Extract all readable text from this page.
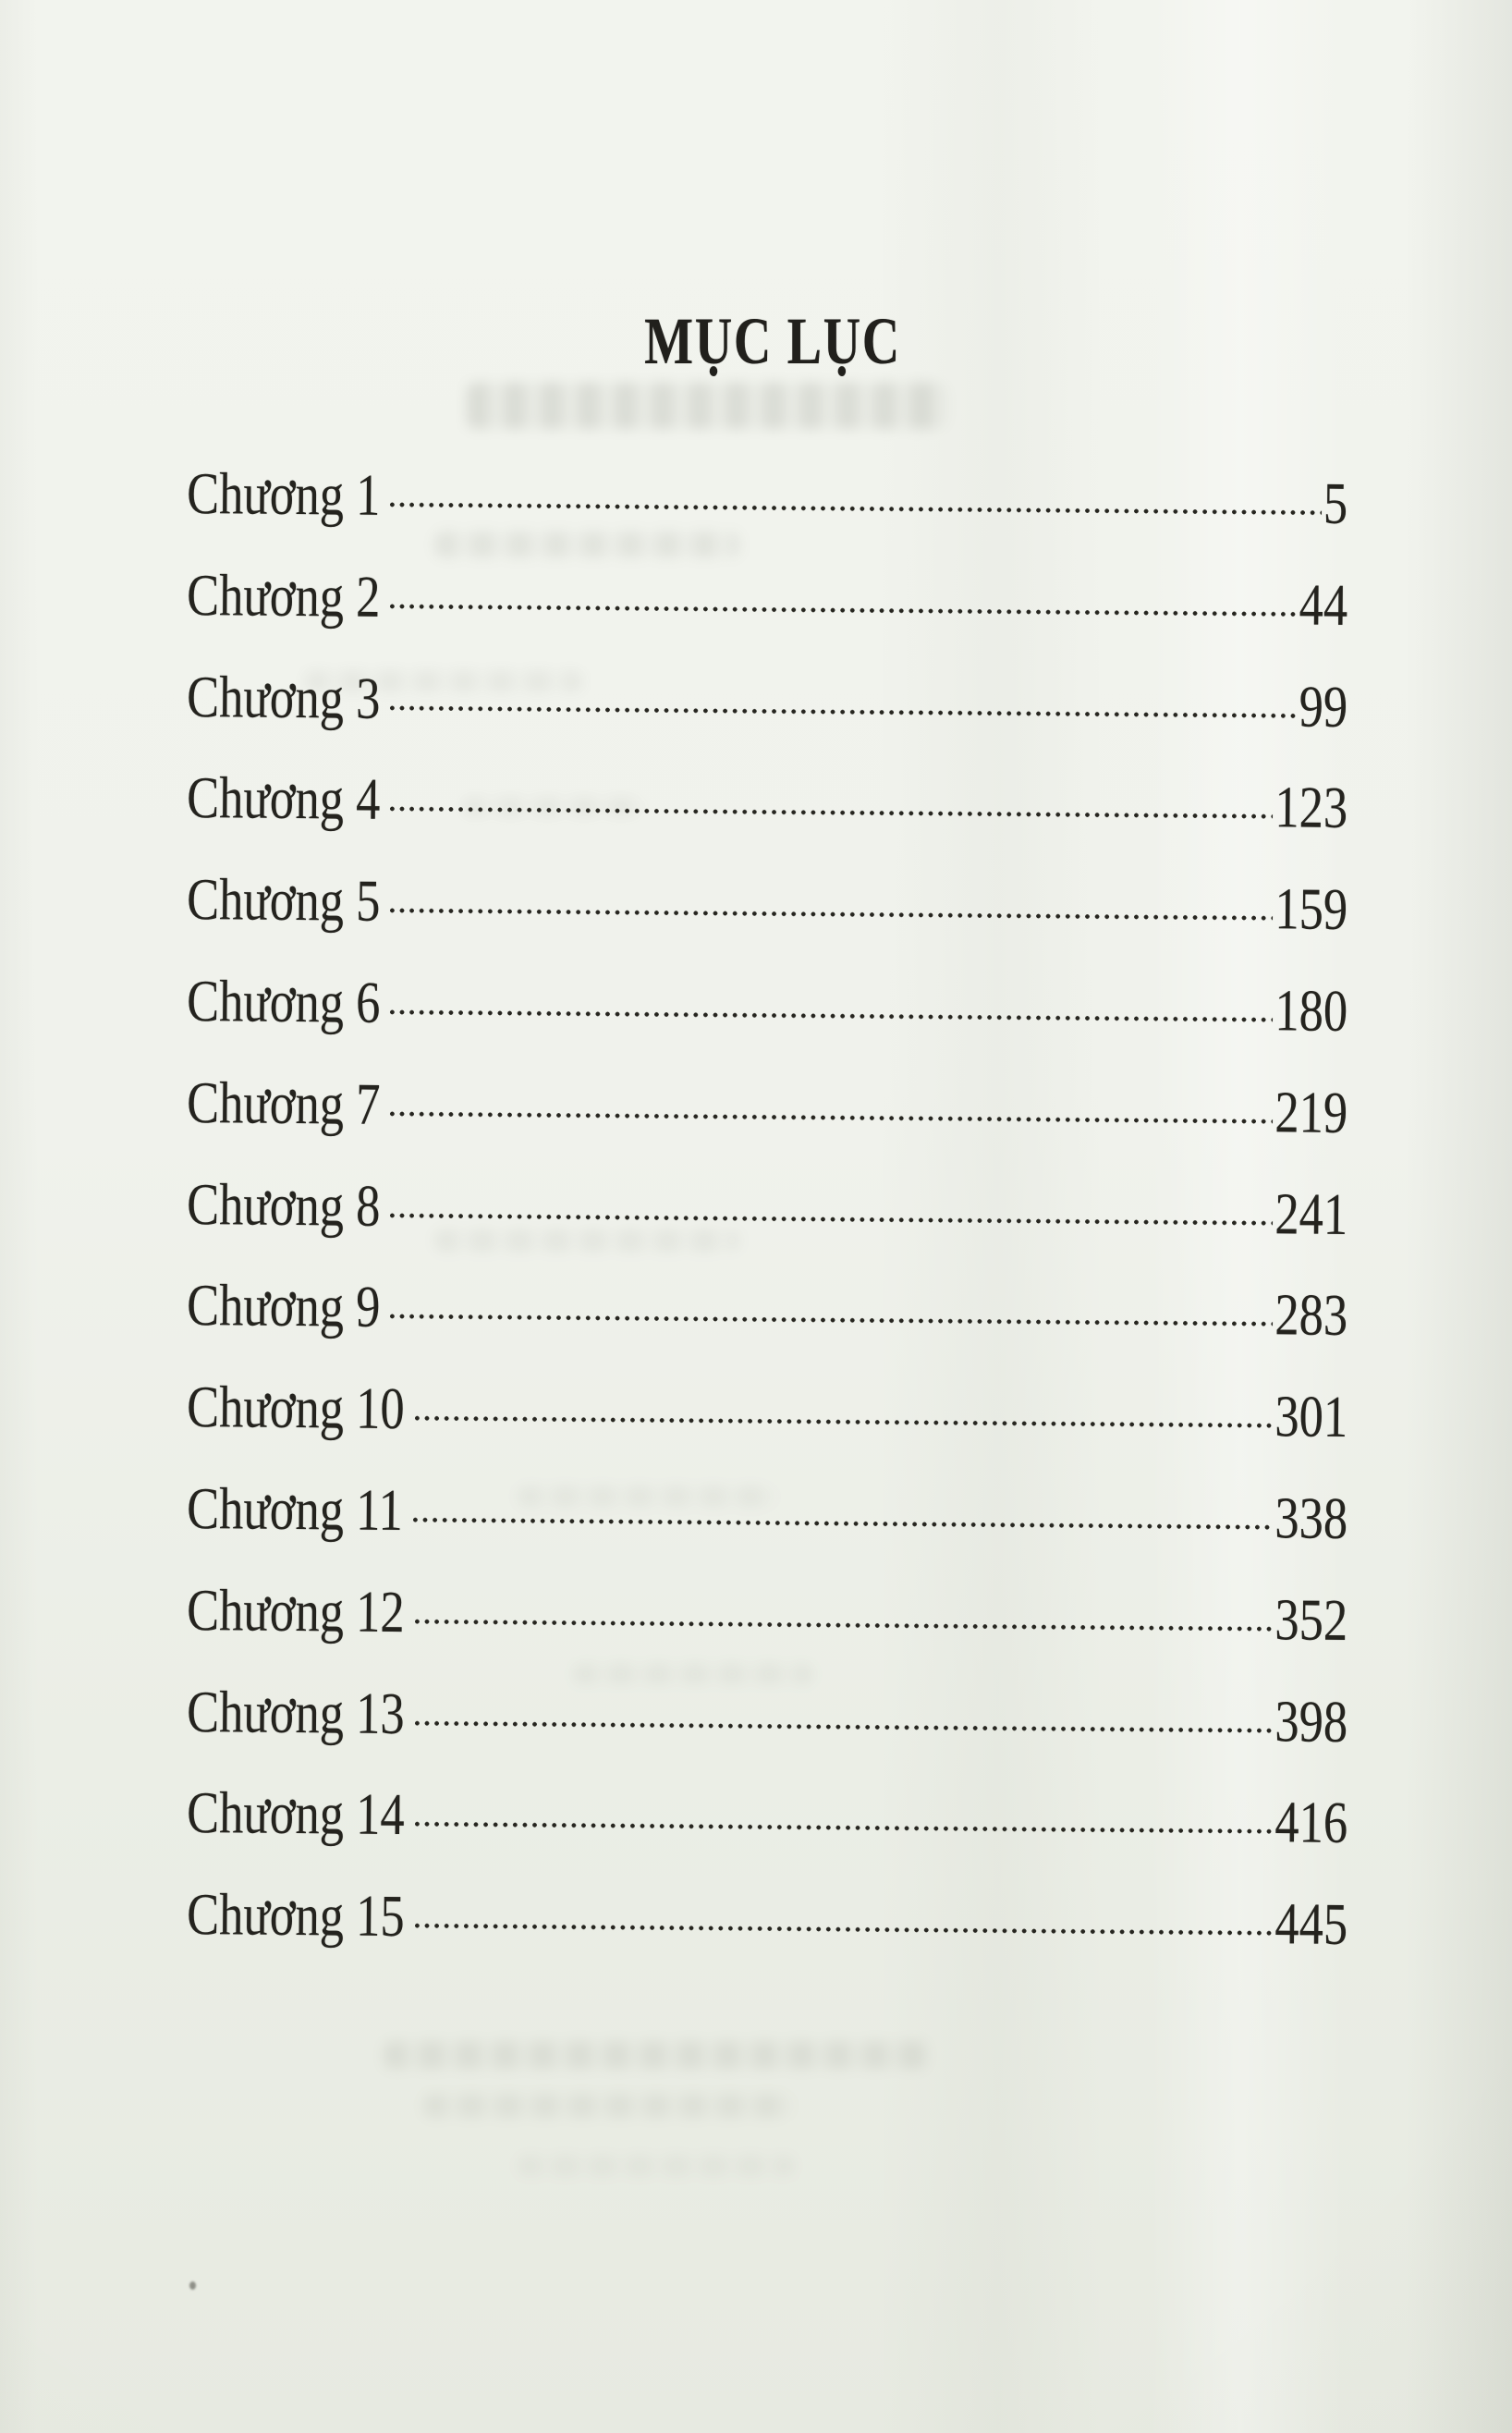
MỤC LỤC
Chương 1	5
Chương 2	44
Chương 3	99
Chương 4	123
Chương 5	159
Chương 6	180
Chương 7	219
Chương 8	241
Chương 9	283
Chương 10	301
Chương 11	338
Chương 12	352
Chương 13	398
Chương 14	416
Chương 15	445
